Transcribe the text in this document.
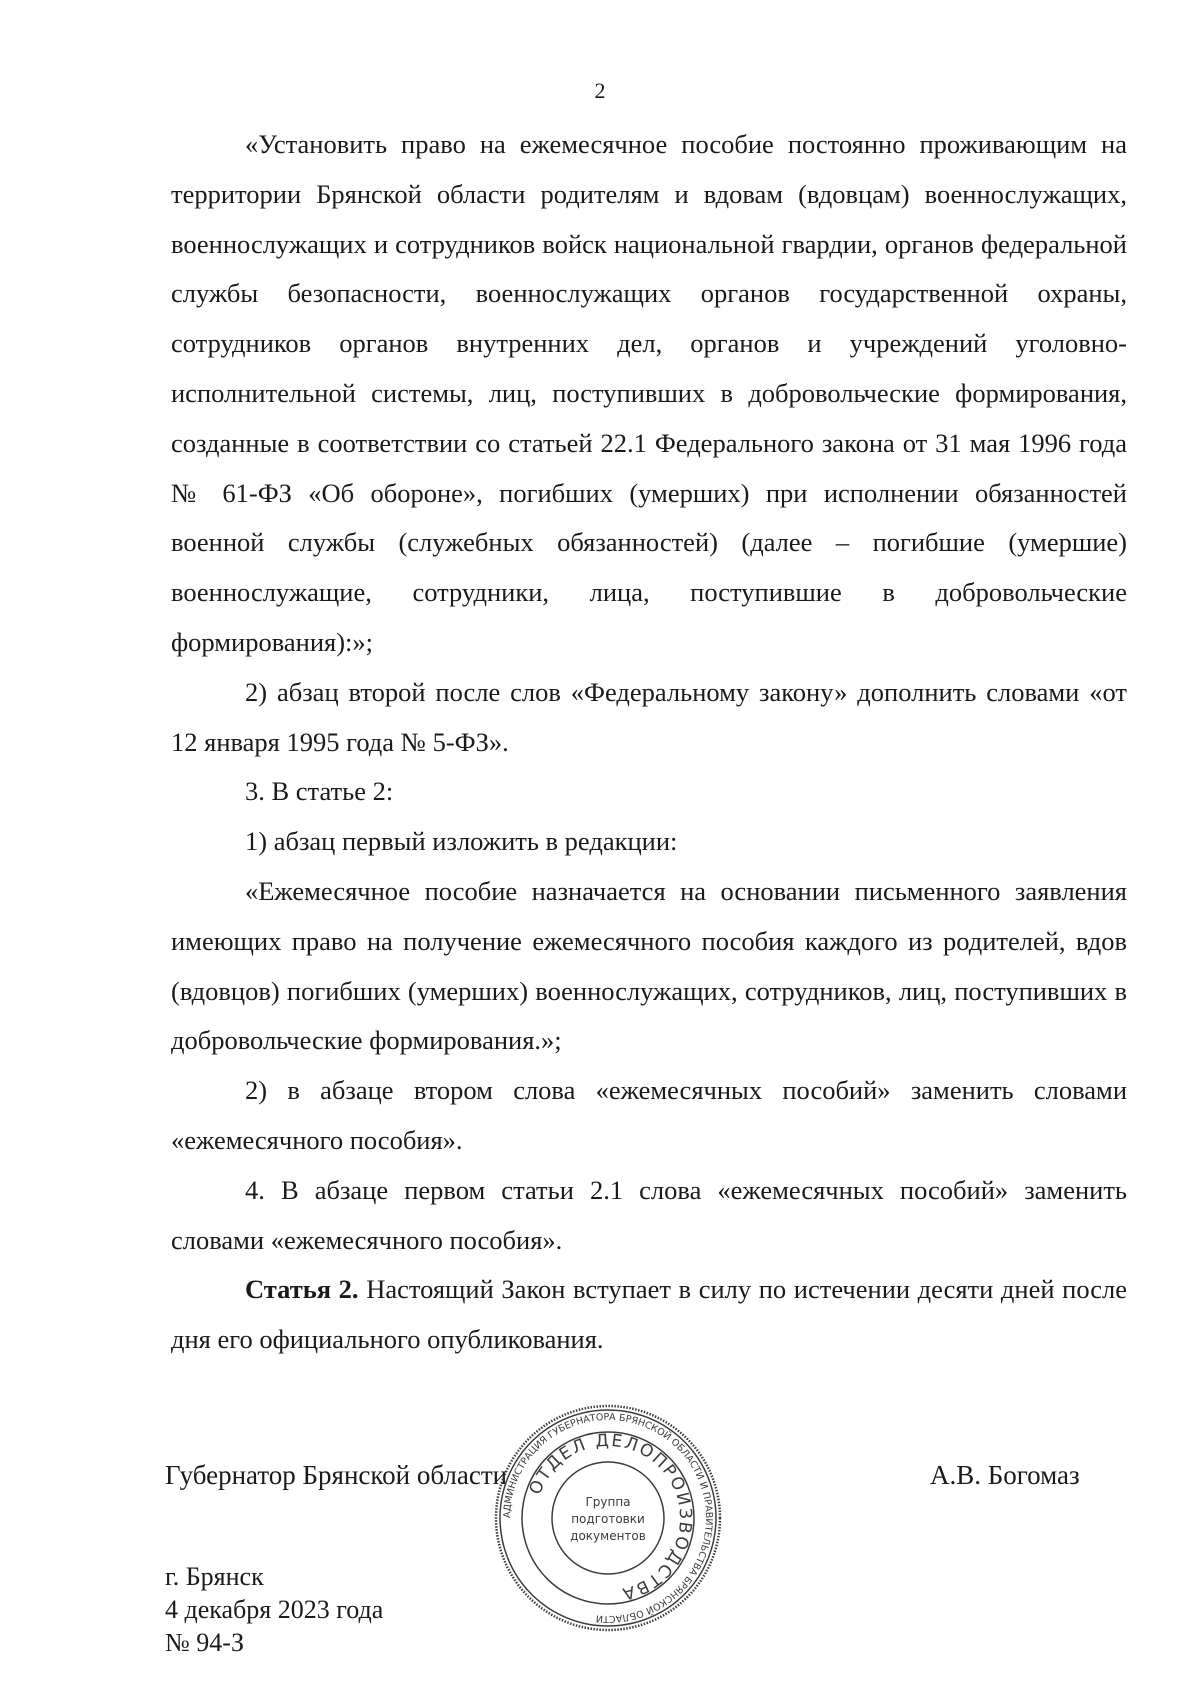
2

«Установить право на ежемесячное пособие постоянно проживающим на территории Брянской области родителям и вдовам (вдовцам) военнослужащих, военнослужащих и сотрудников войск национальной гвардии, органов федеральной службы безопасности, военнослужащих органов государственной охраны, сотрудников органов внутренних дел, органов и учреждений уголовно-исполнительной системы, лиц, поступивших в добровольческие формирования, созданные в соответствии со статьей 22.1 Федерального закона от 31 мая 1996 года № 61-ФЗ «Об обороне», погибших (умерших) при исполнении обязанностей военной службы (служебных обязанностей) (далее – погибшие (умершие) военнослужащие, сотрудники, лица, поступившие в добровольческие формирования):»;

2) абзац второй после слов «Федеральному закону» дополнить словами «от 12 января 1995 года № 5-ФЗ».

3. В статье 2:

1) абзац первый изложить в редакции:

«Ежемесячное пособие назначается на основании письменного заявления имеющих право на получение ежемесячного пособия каждого из родителей, вдов (вдовцов) погибших (умерших) военнослужащих, сотрудников, лиц, поступивших в добровольческие формирования.»;

2) в абзаце втором слова «ежемесячных пособий» заменить словами «ежемесячного пособия».

4. В абзаце первом статьи 2.1 слова «ежемесячных пособий» заменить словами «ежемесячного пособия».

Статья 2. Настоящий Закон вступает в силу по истечении десяти дней после дня его официального опубликования.

Губернатор Брянской области	А.В. Богомаз
г. Брянск
4 декабря 2023 года
№ 94-З
АДМИНИСТРАЦИЯ ГУБЕРНАТОРА БРЯНСКОЙ ОБЛАСТИ И ПРАВИТЕЛЬСТВА БРЯНСКОЙ ОБЛАСТИ
ОТДЕЛ ДЕЛОПРОИЗВОДСТВА
Группа
подготовки
документов
